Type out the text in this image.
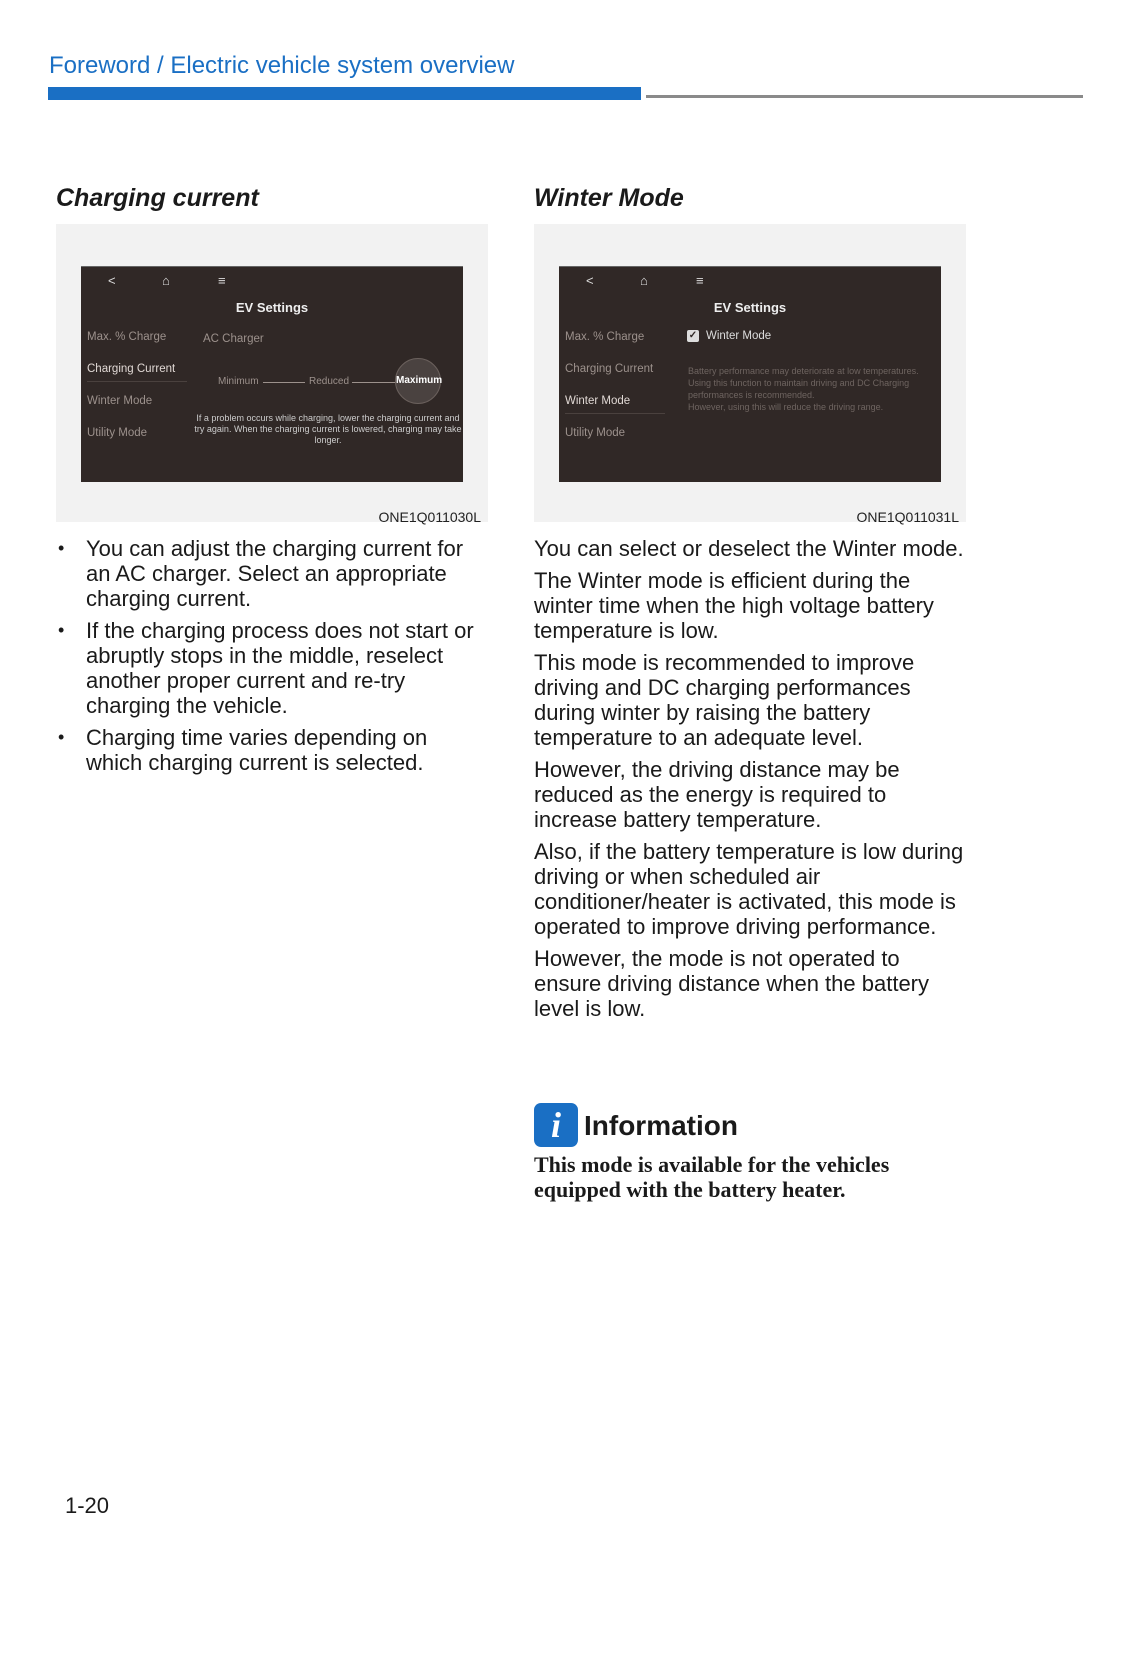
Foreword / Electric vehicle system overview
Charging current
<	⌂	≡
EV Settings
Max. % Charge
Charging Current
Winter Mode
Utility Mode
AC Charger
Minimum	Reduced	Maximum
If a problem occurs while charging, lower the charging current and try again. When the charging current is lowered, charging may take longer.
ONE1Q011030L
• You can adjust the charging current for an AC charger. Select an appropriate charging current.
• If the charging process does not start or abruptly stops in the middle, reselect another proper current and re-try charging the vehicle.
• Charging time varies depending on which charging current is selected.
Winter Mode
<	⌂	≡
EV Settings
Max. % Charge
Charging Current
Winter Mode
Utility Mode
✓ Winter Mode
Battery performance may deteriorate at low temperatures.
Using this function to maintain driving and DC Charging performances is recommended.
However, using this will reduce the driving range.
ONE1Q011031L

You can select or deselect the Winter mode.

The Winter mode is efficient during the winter time when the high voltage battery temperature is low.

This mode is recommended to improve driving and DC charging performances during winter by raising the battery temperature to an adequate level.

However, the driving distance may be reduced as the energy is required to increase battery temperature.

Also, if the battery temperature is low during driving or when scheduled air conditioner/heater is activated, this mode is operated to improve driving performance.

However, the mode is not operated to ensure driving distance when the battery level is low.

i Information
This mode is available for the vehicles equipped with the battery heater.
1-20
